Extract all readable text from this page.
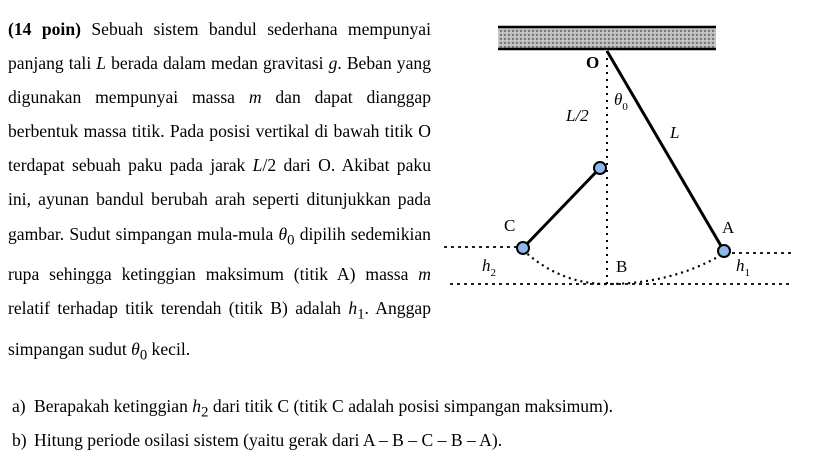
(14 poin) Sebuah sistem bandul sederhana mempunyai panjang tali L berada dalam medan gravitasi g. Beban yang digunakan mempunyai massa m dan dapat dianggap berbentuk massa titik. Pada posisi vertikal di bawah titik O terdapat sebuah paku pada jarak L/2 dari O. Akibat paku ini, ayunan bandul berubah arah seperti ditunjukkan pada gambar. Sudut simpangan mula-mula $\theta_0$ dipilih sedemikian rupa sehingga ketinggian maksimum (titik A) massa m relatif terhadap titik terendah (titik B) adalah $h_1$. Anggap simpangan sudut $\theta_0$ kecil.
a) Berapakah ketinggian $h_2$ dari titik C (titik C adalah posisi simpangan maksimum).
b) Hitung periode osilasi sistem (yaitu gerak dari A – B – C – B – A).
O
L/2
$\theta_0$
L
C	A
B
$h_2$	$h_1$
